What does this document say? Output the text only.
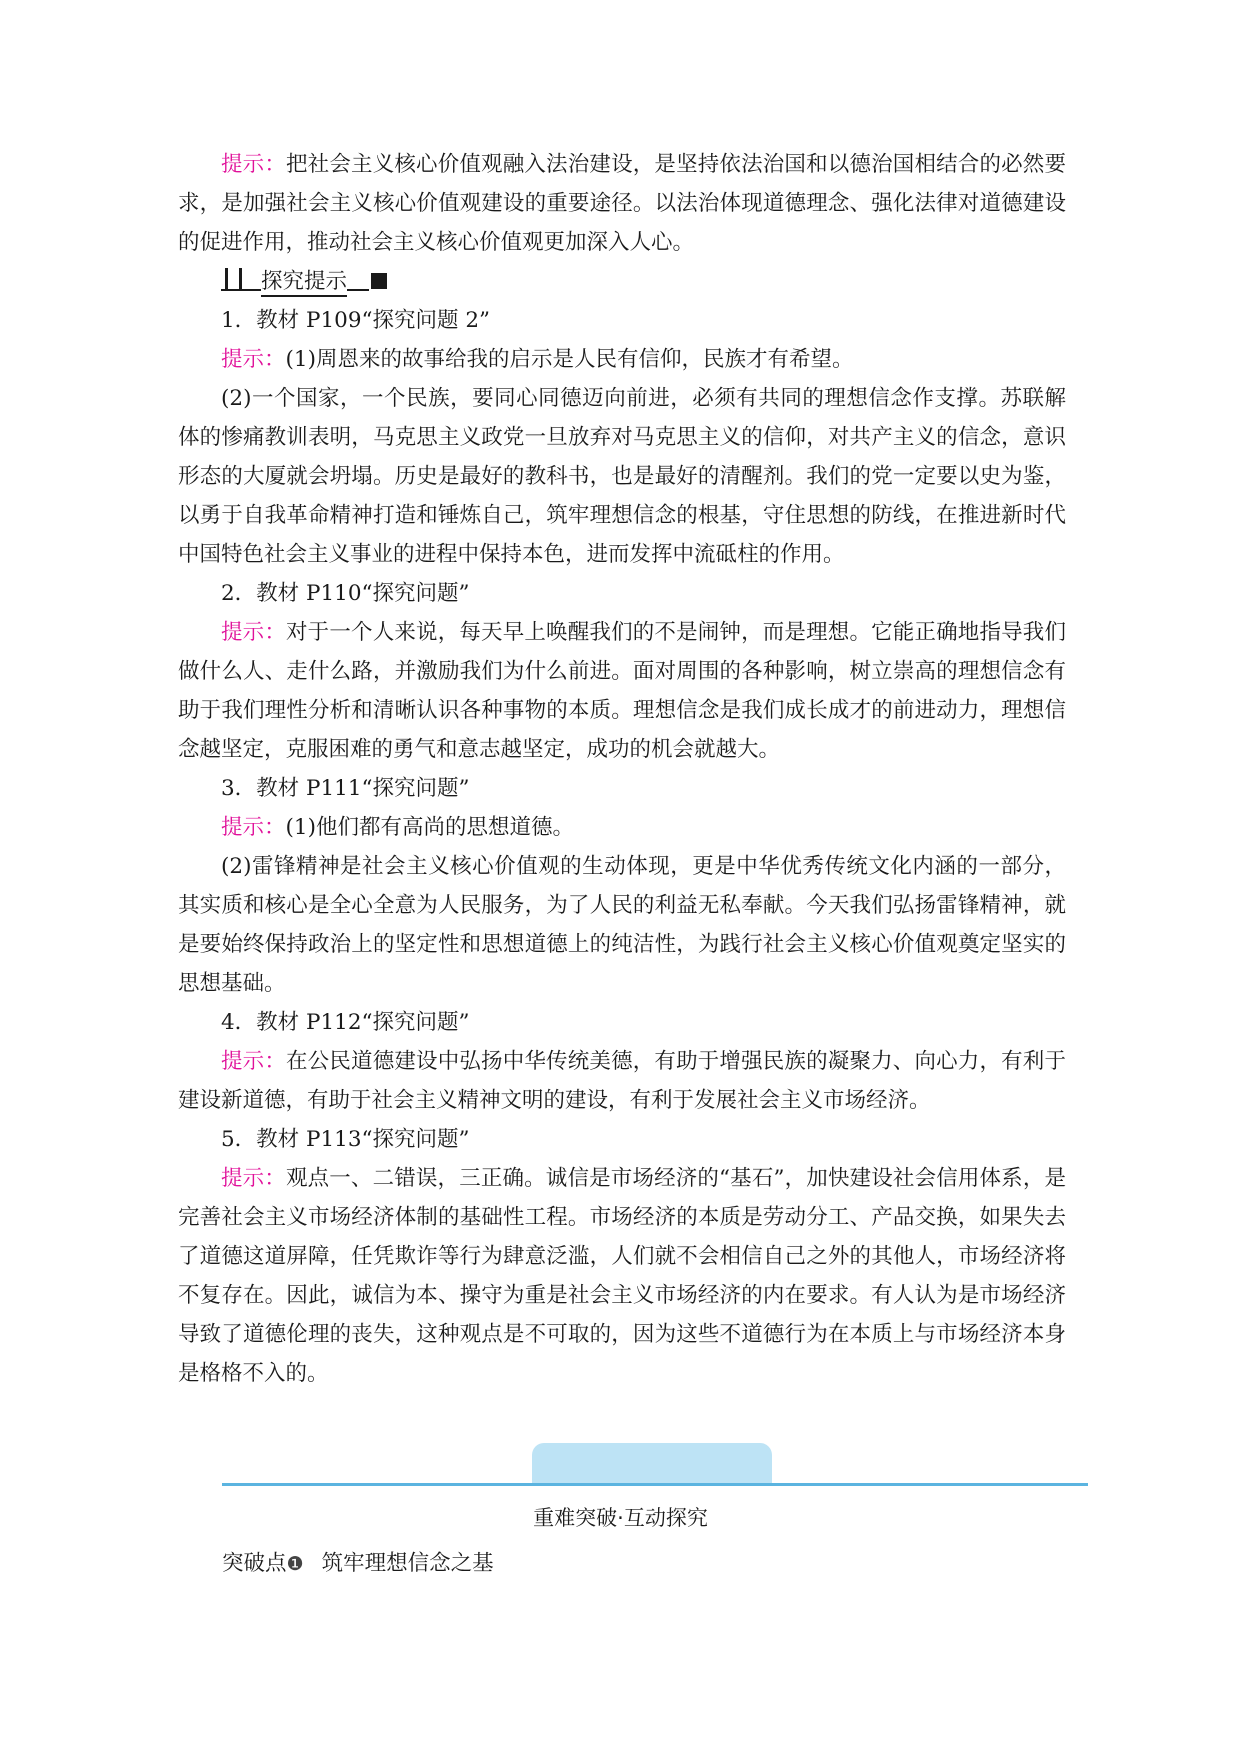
提示：把社会主义核心价值观融入法治建设，是坚持依法治国和以德治国相结合的必然要求，是加强社会主义核心价值观建设的重要途径。以法治体现道德理念、强化法律对道德建设的促进作用，推动社会主义核心价值观更加深入人心。

探究提示

1．教材 P109“探究问题 2”

提示：(1)周恩来的故事给我的启示是人民有信仰，民族才有希望。

(2)一个国家，一个民族，要同心同德迈向前进，必须有共同的理想信念作支撑。苏联解体的惨痛教训表明，马克思主义政党一旦放弃对马克思主义的信仰，对共产主义的信念，意识形态的大厦就会坍塌。历史是最好的教科书，也是最好的清醒剂。我们的党一定要以史为鉴，以勇于自我革命精神打造和锤炼自己，筑牢理想信念的根基，守住思想的防线，在推进新时代中国特色社会主义事业的进程中保持本色，进而发挥中流砥柱的作用。

2．教材 P110“探究问题”

提示：对于一个人来说，每天早上唤醒我们的不是闹钟，而是理想。它能正确地指导我们做什么人、走什么路，并激励我们为什么前进。面对周围的各种影响，树立崇高的理想信念有助于我们理性分析和清晰认识各种事物的本质。理想信念是我们成长成才的前进动力，理想信念越坚定，克服困难的勇气和意志越坚定，成功的机会就越大。

3．教材 P111“探究问题”

提示：(1)他们都有高尚的思想道德。

(2)雷锋精神是社会主义核心价值观的生动体现，更是中华优秀传统文化内涵的一部分，其实质和核心是全心全意为人民服务，为了人民的利益无私奉献。今天我们弘扬雷锋精神，就是要始终保持政治上的坚定性和思想道德上的纯洁性，为践行社会主义核心价值观奠定坚实的思想基础。

4．教材 P112“探究问题”

提示：在公民道德建设中弘扬中华传统美德，有助于增强民族的凝聚力、向心力，有利于建设新道德，有助于社会主义精神文明的建设，有利于发展社会主义市场经济。

5．教材 P113“探究问题”

提示：观点一、二错误，三正确。诚信是市场经济的“基石”，加快建设社会信用体系，是完善社会主义市场经济体制的基础性工程。市场经济的本质是劳动分工、产品交换，如果失去了道德这道屏障，任凭欺诈等行为肆意泛滥，人们就不会相信自己之外的其他人，市场经济将不复存在。因此，诚信为本、操守为重是社会主义市场经济的内在要求。有人认为是市场经济导致了道德伦理的丧失，这种观点是不可取的，因为这些不道德行为在本质上与市场经济本身是格格不入的。

重难突破·互动探究
突破点❶ 筑牢理想信念之基
